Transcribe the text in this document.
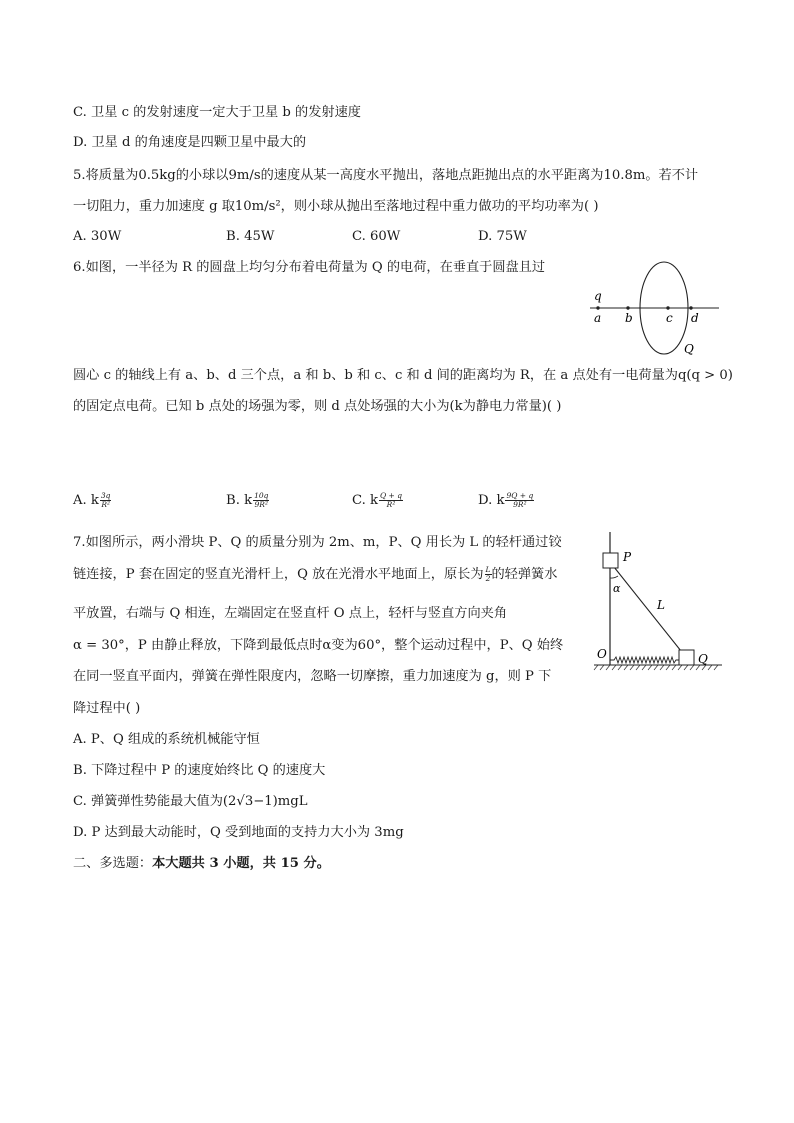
C. 卫星 c 的发射速度一定大于卫星 b 的发射速度
D. 卫星 d 的角速度是四颗卫星中最大的
5.将质量为0.5kg的小球以9m/s的速度从某一高度水平抛出，落地点距抛出点的水平距离为10.8m。若不计
一切阻力，重力加速度 g 取10m/s²，则小球从抛出至落地过程中重力做功的平均功率为( )
A. 30W	B. 45W	C. 60W	D. 75W
6.如图，一半径为 R 的圆盘上均匀分布着电荷量为 Q 的电荷，在垂直于圆盘且过
q
a b	c d
Q
圆心 c 的轴线上有 a、b、d 三个点，a 和 b、b 和 c、c 和 d 间的距离均为 R，在 a 点处有一电荷量为q(q > 0)
的固定点电荷。已知 b 点处的场强为零，则 d 点处场强的大小为(k为静电力常量)( )
A. k $\frac{3q}{\text{R²}}$	B. k $\frac{10q}{\text{9R²}}$	C. k $\frac{Q + q}{\text{R²}}$	D. k $\frac{9Q + q}{\text{9R²}}$
7.如图所示，两小滑块 P、Q 的质量分别为 2m、m，P、Q 用长为 L 的轻杆通过铰
链连接，P 套在固定的竖直光滑杆上，Q 放在光滑水平地面上，原长为 $\frac{L}{2}$ 的轻弹簧水
平放置，右端与 Q 相连，左端固定在竖直杆 O 点上，轻杆与竖直方向夹角
α = 30°，P 由静止释放，下降到最低点时α变为60°，整个运动过程中，P、Q 始终
在同一竖直平面内，弹簧在弹性限度内，忽略一切摩擦，重力加速度为 g，则 P 下
降过程中( )
P
α
L
O	Q
A. P、Q 组成的系统机械能守恒
B. 下降过程中 P 的速度始终比 Q 的速度大
C. 弹簧弹性势能最大值为(2√3−1)mgL
D. P 达到最大动能时，Q 受到地面的支持力大小为 3mg
二、多选题：本大题共 3 小题，共 15 分。
